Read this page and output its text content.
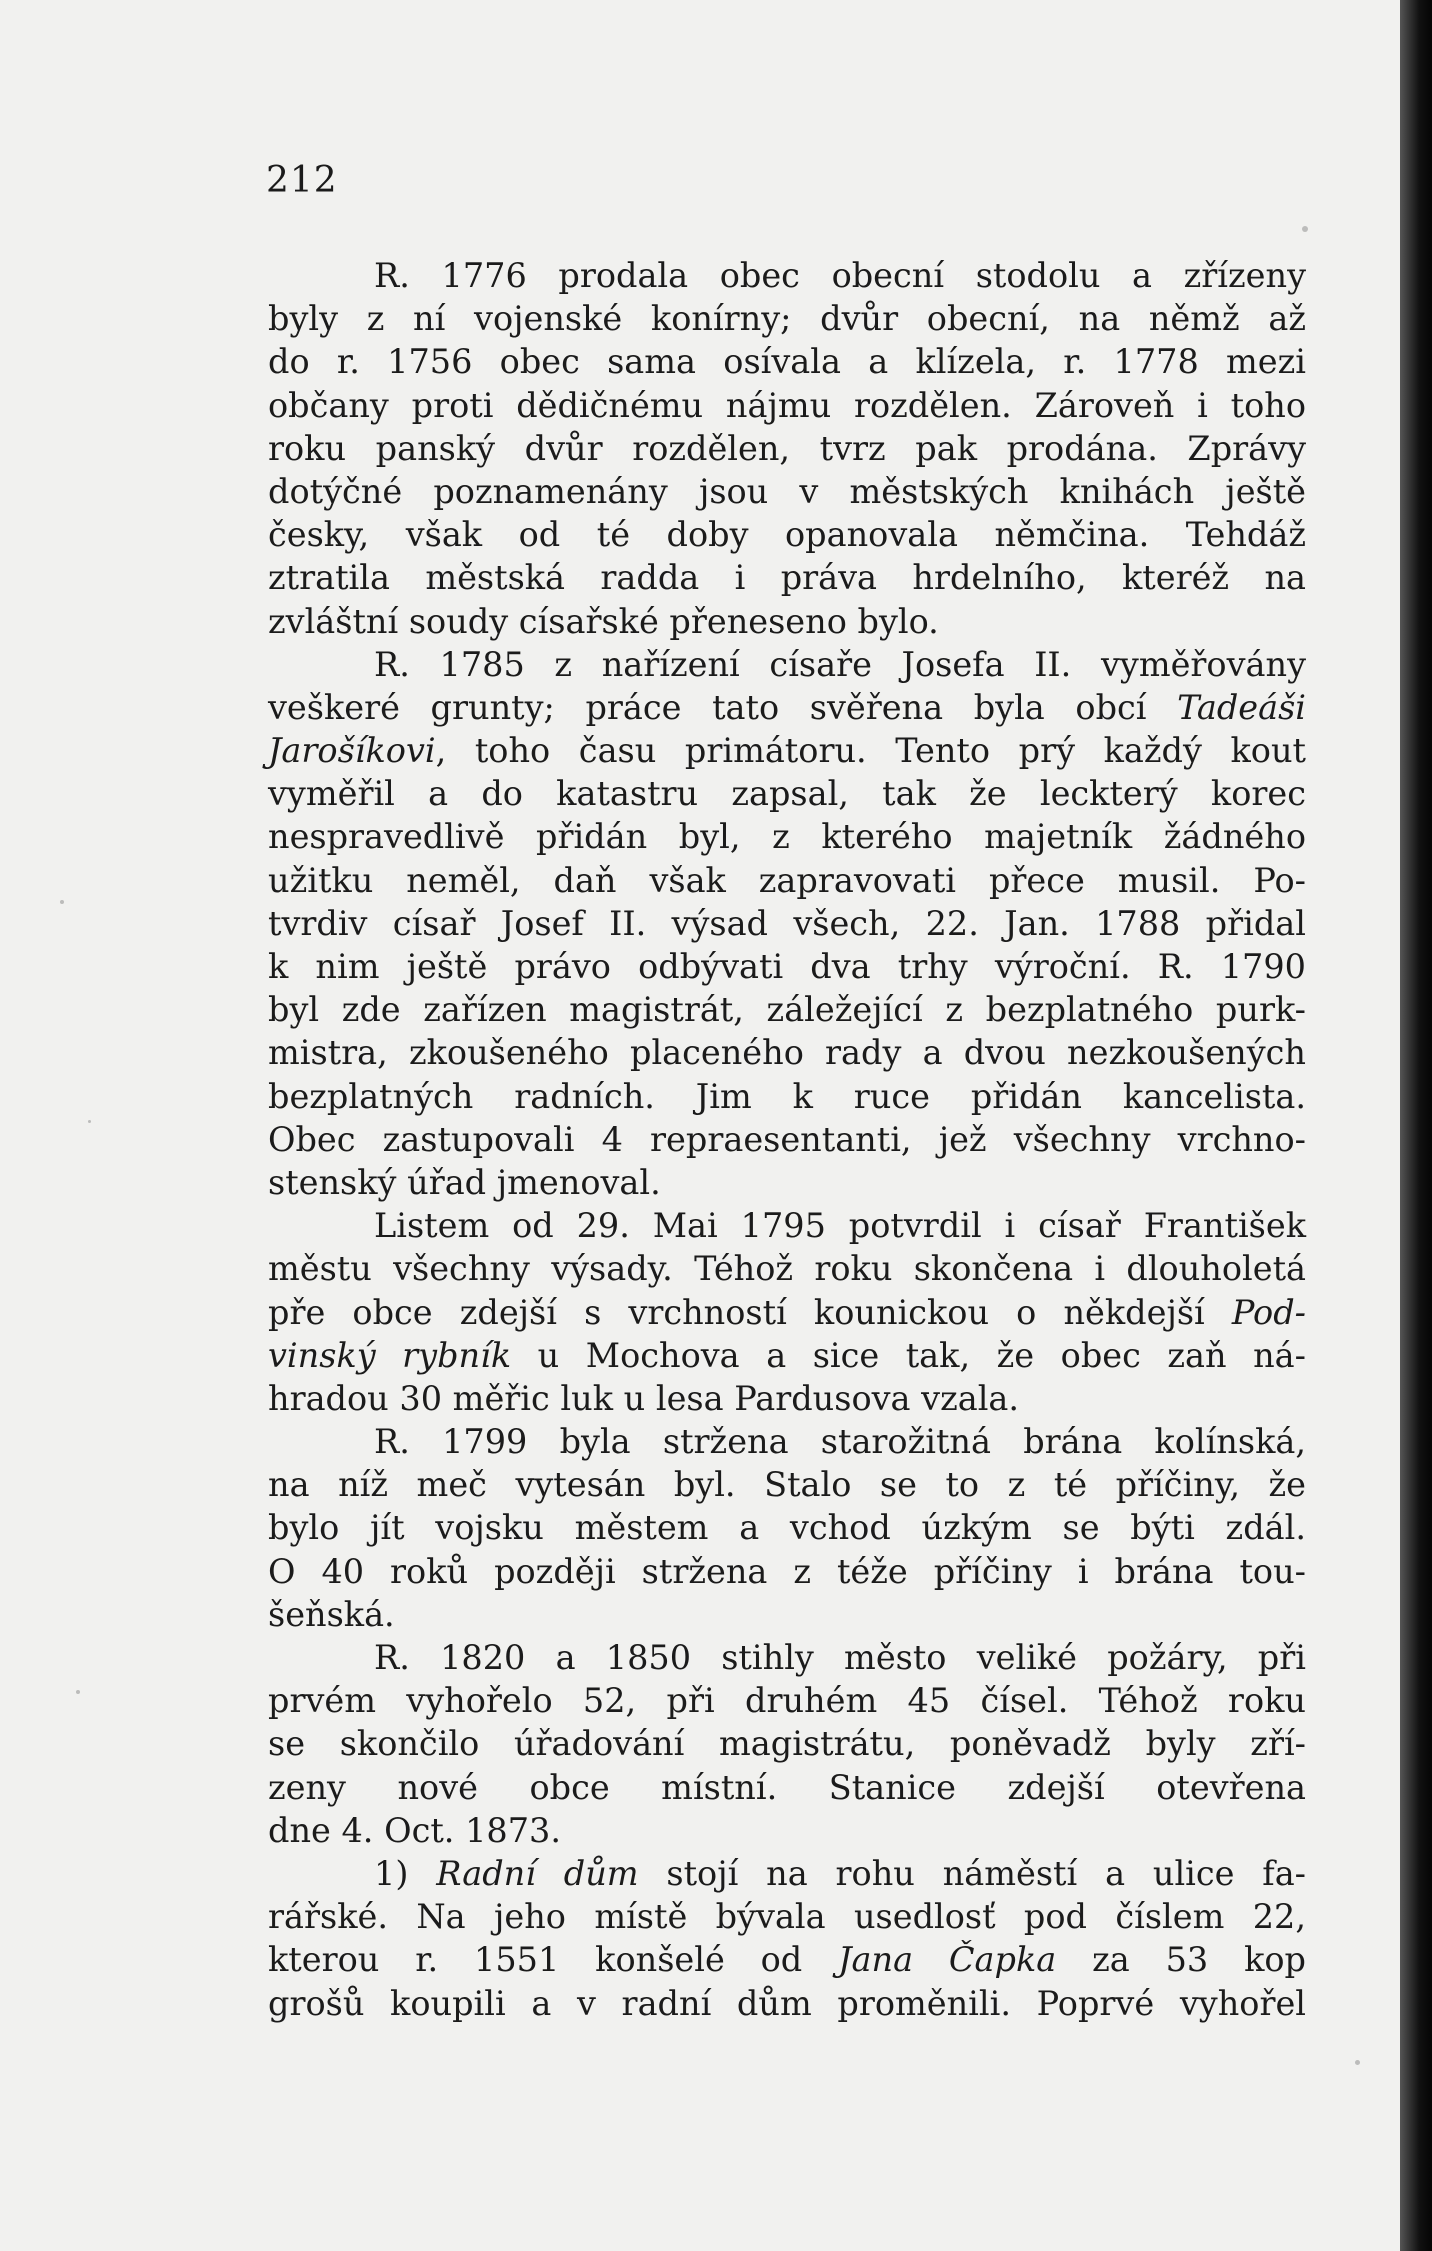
212
R. 1776 prodala obec obecní stodolu a zřízeny
byly z ní vojenské konírny; dvůr obecní, na němž až
do r. 1756 obec sama osívala a klízela, r. 1778 mezi
občany proti dědičnému nájmu rozdělen. Zároveň i toho
roku panský dvůr rozdělen, tvrz pak prodána. Zprávy
dotýčné poznamenány jsou v městských knihách ještě
česky, však od té doby opanovala němčina. Tehdáž
ztratila městská radda i práva hrdelního, kteréž na
zvláštní soudy císařské přeneseno bylo.
R. 1785 z nařízení císaře Josefa II. vyměřovány
veškeré grunty; práce tato svěřena byla obcí Tadeáši
Jarošíkovi, toho času primátoru. Tento prý každý kout
vyměřil a do katastru zapsal, tak že leckterý korec
nespravedlivě přidán byl, z kterého majetník žádného
užitku neměl, daň však zapravovati přece musil. Po-
tvrdiv císař Josef II. výsad všech, 22. Jan. 1788 přidal
k nim ještě právo odbývati dva trhy výroční. R. 1790
byl zde zařízen magistrát, záležející z bezplatného purk-
mistra, zkoušeného placeného rady a dvou nezkoušených
bezplatných radních. Jim k ruce přidán kancelista.
Obec zastupovali 4 repraesentanti, jež všechny vrchno-
stenský úřad jmenoval.
Listem od 29. Mai 1795 potvrdil i císař František
městu všechny výsady. Téhož roku skončena i dlouholetá
pře obce zdejší s vrchností kounickou o někdejší Pod-
vinský rybník u Mochova a sice tak, že obec zaň ná-
hradou 30 měřic luk u lesa Pardusova vzala.
R. 1799 byla stržena starožitná brána kolínská,
na níž meč vytesán byl. Stalo se to z té příčiny, že
bylo jít vojsku městem a vchod úzkým se býti zdál.
O 40 roků později stržena z téže příčiny i brána tou-
šeňská.
R. 1820 a 1850 stihly město veliké požáry, při
prvém vyhořelo 52, při druhém 45 čísel. Téhož roku
se skončilo úřadování magistrátu, poněvadž byly zří-
zeny nové obce místní. Stanice zdejší otevřena
dne 4. Oct. 1873.
1) Radní dům stojí na rohu náměstí a ulice fa-
rářské. Na jeho místě bývala usedlosť pod číslem 22,
kterou r. 1551 konšelé od Jana Čapka za 53 kop
grošů koupili a v radní dům proměnili. Poprvé vyhořel
